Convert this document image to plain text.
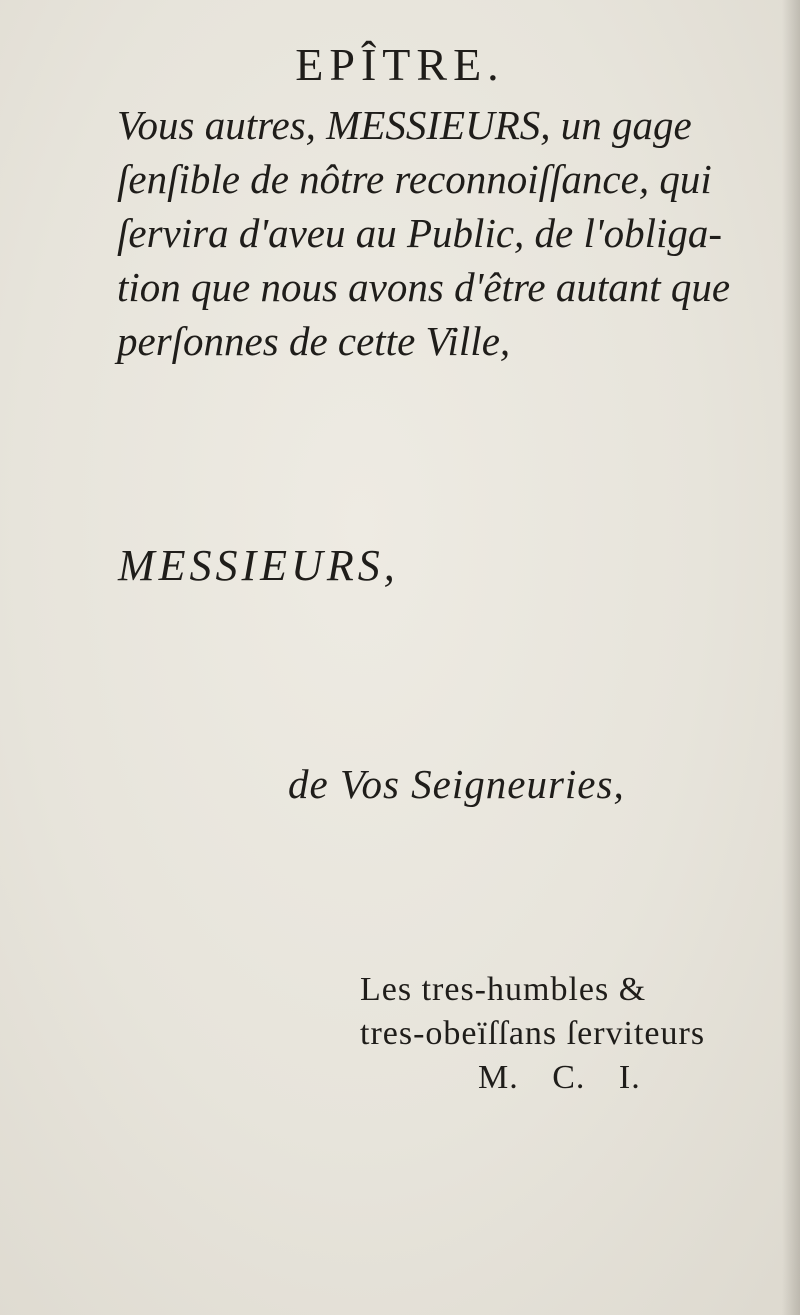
EPÎTRE.
Vous autres, MESSIEURS, un gage
ſenſible de nôtre reconnoiſſance, qui
ſervira d'aveu au Public, de l'obliga-
tion que nous avons d'être autant que
perſonnes de cette Ville,
MESSIEURS,
de Vos Seigneuries,
Les tres-humbles &
tres-obeïſſans ſerviteurs
M. C. I.
